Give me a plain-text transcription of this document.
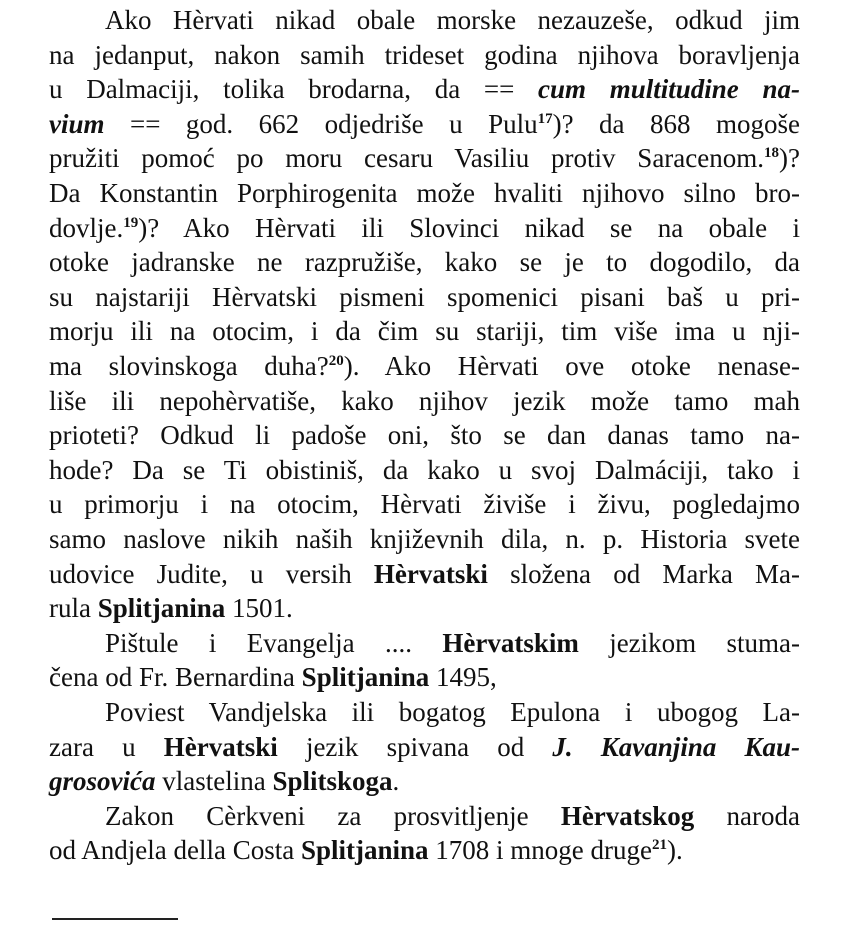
Ako Hèrvati nikad obale morske nezauzeše, odkud jim
na jedanput, nakon samih trideset godina njihova boravljenja
u Dalmaciji, tolika brodarna, da == cum multitudine na-
vium == god. 662 odjedriše u Pulu$^{17}$)? da 868 mogoše
pružiti pomoć po moru cesaru Vasiliu protiv Saracenom.$^{18}$)?
Da Konstantin Porphirogenita može hvaliti njihovo silno bro-
dovlje.$^{19}$)? Ako Hèrvati ili Slovinci nikad se na obale i
otoke jadranske ne razpružiše, kako se je to dogodilo, da
su najstariji Hèrvatski pismeni spomenici pisani baš u pri-
morju ili na otocim, i da čim su stariji, tim više ima u nji-
ma slovinskoga duha?$^{20}$). Ako Hèrvati ove otoke nenase-
liše ili nepohèrvatiše, kako njihov jezik može tamo mah
prioteti? Odkud li padoše oni, što se dan danas tamo na-
hode? Da se Ti obistiniš, da kako u svoj Dalmáciji, tako i
u primorju i na otocim, Hèrvati živiše i živu, pogledajmo
samo naslove nikih naših književnih dila, n. p. Historia svete
udovice Judite, u versih Hèrvatski složena od Marka Ma-
rula Splitjanina 1501.
Pištule i Evangelja .... Hèrvatskim jezikom stuma-
čena od Fr. Bernardina Splitjanina 1495,
Poviest Vandjelska ili bogatog Epulona i ubogog La-
zara u Hèrvatski jezik spivana od J. Kavanjina Kau-
grosovića vlastelina Splitskoga.
Zakon Cèrkveni za prosvitljenje Hèrvatskog naroda
od Andjela della Costa Splitjanina 1708 i mnoge druge$^{21}$).
